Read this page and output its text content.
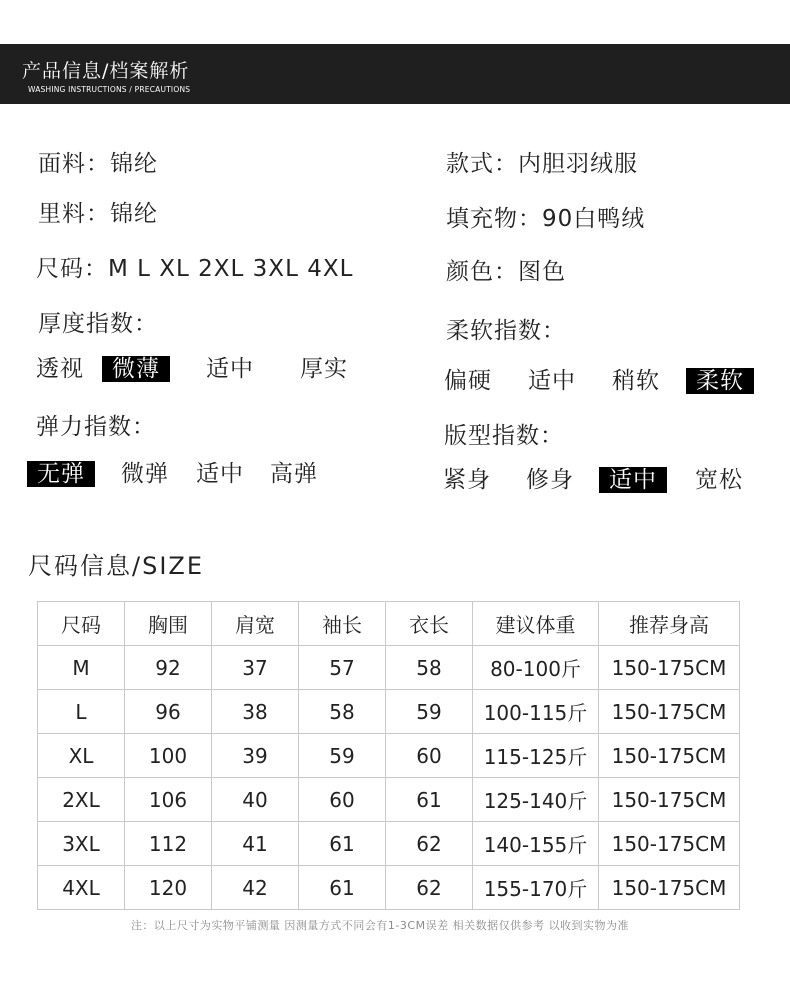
产品信息/档案解析
WASHING INSTRUCTIONS / PRECAUTIONS
面料：锦纶	款式：内胆羽绒服
里料：锦纶	填充物：90白鸭绒
尺码：M L XL 2XL 3XL 4XL	颜色：图色
厚度指数：
透视	微薄	适中 厚实
柔软指数：
偏硬 适中 稍软	柔软
弹力指数：
无弹	微弹 适中 高弹
版型指数：
紧身 修身	适中	宽松
尺码信息/SIZE
尺码	胸围	肩宽	袖长	衣长	建议体重	推荐身高
M	92	37	57	58	80-100斤	150-175CM
L	96	38	58	59	100-115斤	150-175CM
XL	100	39	59	60	115-125斤	150-175CM
2XL	106	40	60	61	125-140斤	150-175CM
3XL	112	41	61	62	140-155斤	150-175CM
4XL	120	42	61	62	155-170斤	150-175CM
注：以上尺寸为实物平铺测量 因测量方式不同会有1-3CM误差 相关数据仅供参考 以收到实物为准
